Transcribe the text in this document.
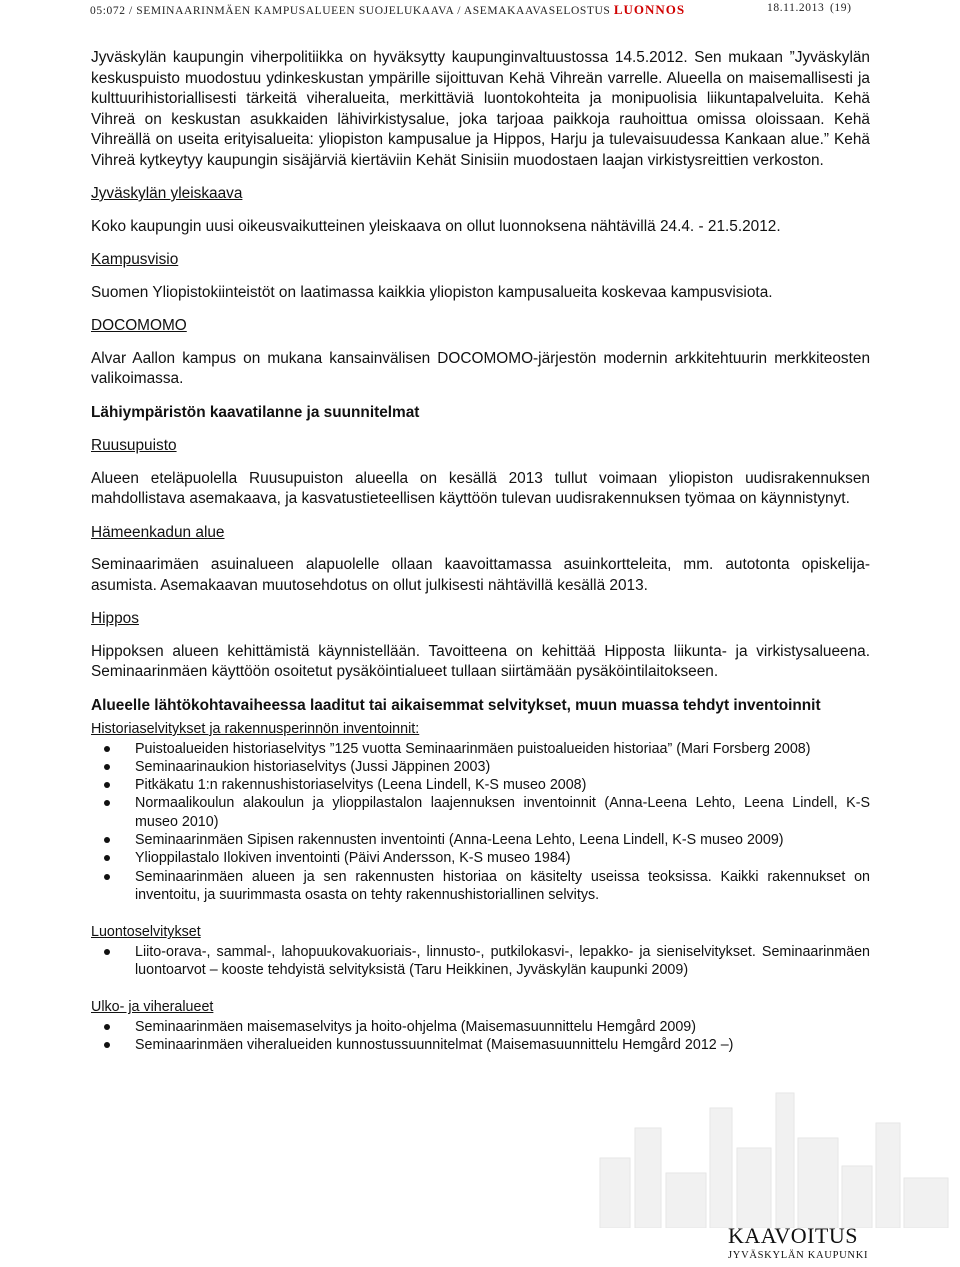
05:072 / SEMINAARINMÄEN KAMPUSALUEEN SUOJELUKAAVA / ASEMAKAAVASELOSTUS LUONNOS	18.11.2013 (19)

Jyväskylän kaupungin viherpolitiikka on hyväksytty kaupunginvaltuustossa 14.5.2012. Sen mukaan ”Jyväskylän keskuspuisto muodostuu ydinkeskustan ympärille sijoittuvan Kehä Vihreän varrelle. Alueella on maisemallisesti ja kulttuurihistoriallisesti tärkeitä viheralueita, merkittäviä luontokohteita ja monipuolisia liikuntapalveluita. Kehä Vihreä on keskustan asukkaiden lähivirkistysalue, joka tarjoaa paikkoja rauhoittua omissa oloissaan. Kehä Vihreällä on useita erityisalueita: yliopiston kampusalue ja Hippos, Harju ja tulevaisuudessa Kankaan alue.” Kehä Vihreä kytkeytyy kaupungin sisäjärviä kiertäviin Kehät Sinisiin muodostaen laajan virkistysreittien verkoston.

Jyväskylän yleiskaava

Koko kaupungin uusi oikeusvaikutteinen yleiskaava on ollut luonnoksena nähtävillä 24.4. - 21.5.2012.

Kampusvisio

Suomen Yliopistokiinteistöt on laatimassa kaikkia yliopiston kampusalueita koskevaa kampusvisiota.

DOCOMOMO

Alvar Aallon kampus on mukana kansainvälisen DOCOMOMO-järjestön modernin arkkitehtuurin merkkiteosten valikoimassa.

Lähiympäristön kaavatilanne ja suunnitelmat

Ruusupuisto

Alueen eteläpuolella Ruusupuiston alueella on kesällä 2013 tullut voimaan yliopiston uudisrakennuksen mahdollistava asemakaava, ja kasvatustieteellisen käyttöön tulevan uudisrakennuksen työmaa on käynnistynyt.

Hämeenkadun alue

Seminaarimäen asuinalueen alapuolelle ollaan kaavoittamassa asuinkortteleita, mm. autotonta opiskelija-asumista. Asemakaavan muutosehdotus on ollut julkisesti nähtävillä kesällä 2013.

Hippos

Hippoksen alueen kehittämistä käynnistellään. Tavoitteena on kehittää Hipposta liikunta- ja virkistysalueena. Seminaarinmäen käyttöön osoitetut pysäköintialueet tullaan siirtämään pysäköintilaitokseen.

Alueelle lähtökohtavaiheessa laaditut tai aikaisemmat selvitykset, muun muassa tehdyt inventoinnit

Historiaselvitykset ja rakennusperinnön inventoinnit:

Puistoalueiden historiaselvitys ”125 vuotta Seminaarinmäen puistoalueiden historiaa” (Mari Forsberg 2008)
Seminaarinaukion historiaselvitys (Jussi Jäppinen 2003)
Pitkäkatu 1:n rakennushistoriaselvitys (Leena Lindell, K-S museo 2008)
Normaalikoulun alakoulun ja ylioppilastalon laajennuksen inventoinnit (Anna-Leena Lehto, Leena Lindell, K-S museo 2010)
Seminaarinmäen Sipisen rakennusten inventointi (Anna-Leena Lehto, Leena Lindell, K-S museo 2009)
Ylioppilastalo Ilokiven inventointi (Päivi Andersson, K-S museo 1984)
Seminaarinmäen alueen ja sen rakennusten historiaa on käsitelty useissa teoksissa. Kaikki rakennukset on inventoitu, ja suurimmasta osasta on tehty rakennushistoriallinen selvitys.

Luontoselvitykset

Liito-orava-, sammal-, lahopuukovakuoriais-, linnusto-, putkilokasvi-, lepakko- ja sieniselvitykset. Seminaarinmäen luontoarvot – kooste tehdyistä selvityksistä (Taru Heikkinen, Jyväskylän kaupunki 2009)

Ulko- ja viheralueet

Seminaarinmäen maisemaselvitys ja hoito-ohjelma (Maisemasuunnittelu Hemgård 2009)
Seminaarinmäen viheralueiden kunnostussuunnitelmat (Maisemasuunnittelu Hemgård 2012 –)
KAAVOITUS
JYVÄSKYLÄN KAUPUNKI
